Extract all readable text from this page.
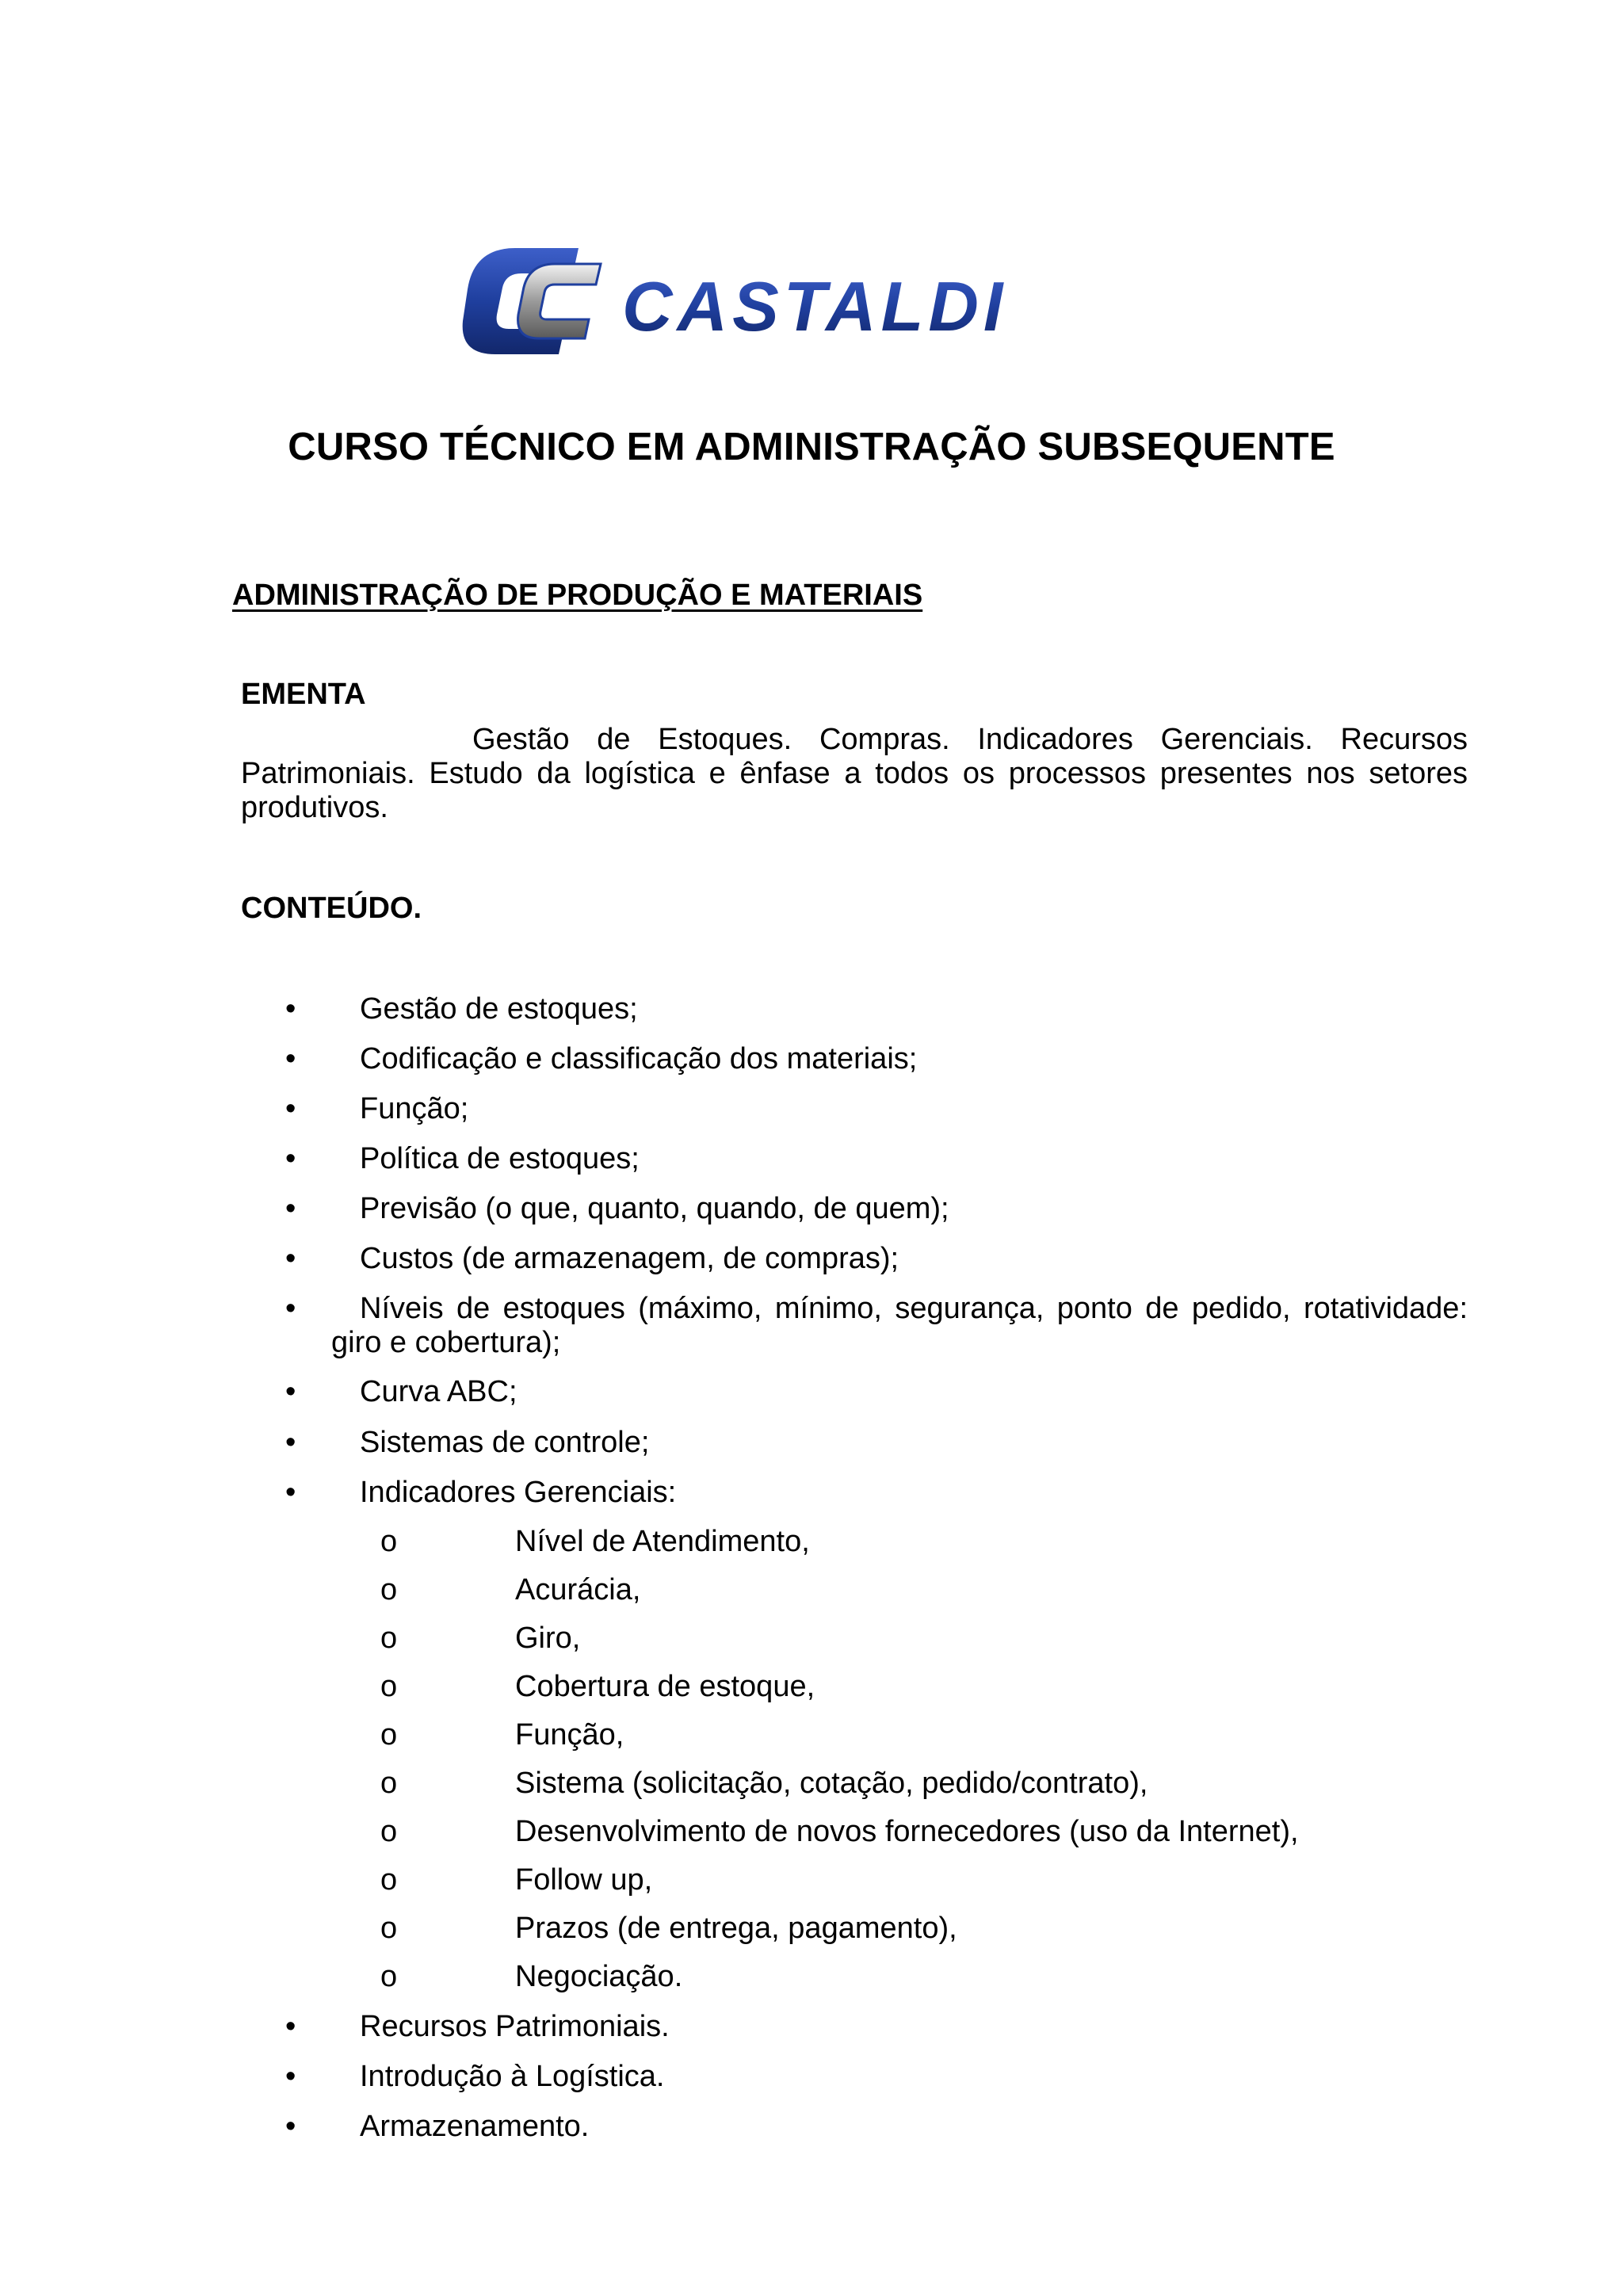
CASTALDI
CURSO TÉCNICO EM ADMINISTRAÇÃO SUBSEQUENTE
ADMINISTRAÇÃO DE PRODUÇÃO E MATERIAIS
EMENTA
Gestão de Estoques. Compras. Indicadores Gerenciais. Recursos Patrimoniais. Estudo da logística e ênfase a todos os processos presentes nos setores produtivos.
CONTEÚDO.
•	Gestão de estoques;
•	Codificação e classificação dos materiais;
•	Função;
•	Política de estoques;
•	Previsão (o que, quanto, quando, de quem);
•	Custos (de armazenagem, de compras);
•	Níveis de estoques (máximo, mínimo, segurança, ponto de pedido, rotatividade: giro e cobertura);
•	Curva ABC;
•	Sistemas de controle;
•	Indicadores Gerenciais:
o	Nível de Atendimento,
o	Acurácia,
o	Giro,
o	Cobertura de estoque,
o	Função,
o	Sistema (solicitação, cotação, pedido/contrato),
o	Desenvolvimento de novos fornecedores (uso da Internet),
o	Follow up,
o	Prazos (de entrega, pagamento),
o	Negociação.
•	Recursos Patrimoniais.
•	Introdução à Logística.
•	Armazenamento.
